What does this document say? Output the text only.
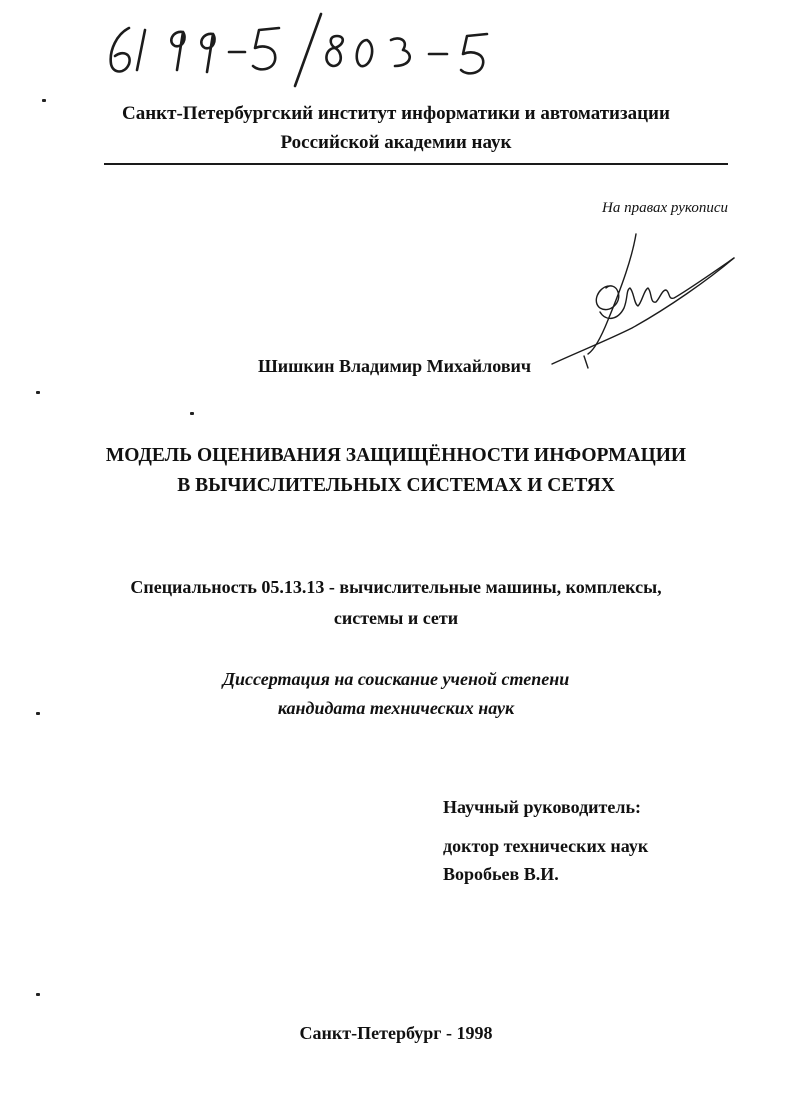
Санкт-Петербургский институт информатики и автоматизации
Российской академии наук
На правах рукописи
Шишкин Владимир Михайлович
МОДЕЛЬ ОЦЕНИВАНИЯ ЗАЩИЩЁННОСТИ ИНФОРМАЦИИ
В ВЫЧИСЛИТЕЛЬНЫХ СИСТЕМАХ И СЕТЯХ
Специальность 05.13.13 - вычислительные машины, комплексы,
системы и сети
Диссертация на соискание ученой степени
кандидата технических наук
Научный руководитель:
доктор технических наук
Воробьев В.И.
Санкт-Петербург - 1998
